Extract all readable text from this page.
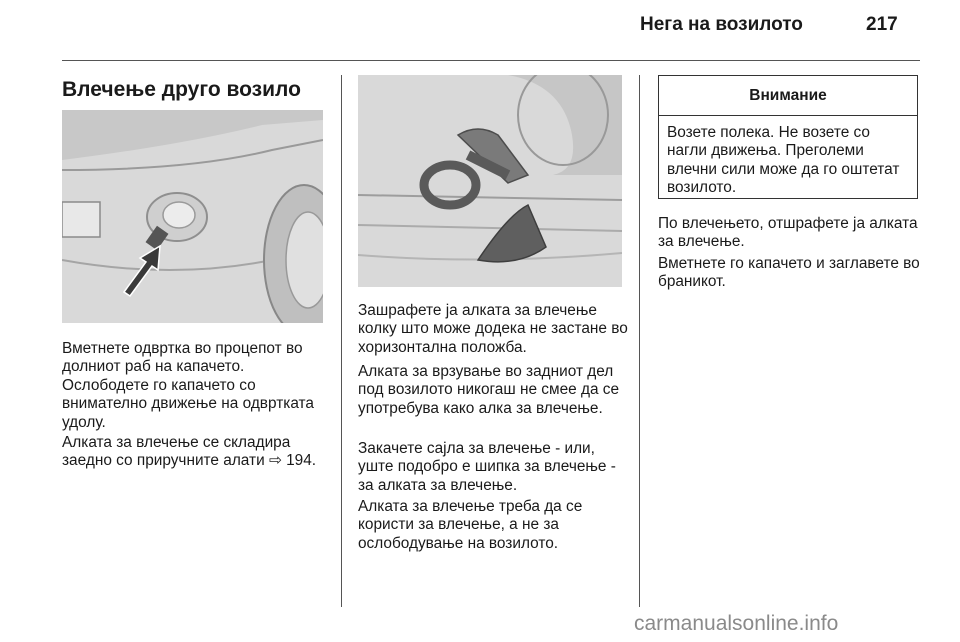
Нега на возилото	217
Влечење друго возило

Вметнете одвртка во процепот во долниот раб на капачето. Ослободете го капачето со внимателно движење на одвртката удолу.

Алката за влечење се складира заедно со приручните алати ⇨ 194.

Зашрафете ја алката за влечење колку што може додека не застане во хоризонтална положба.

Алката за врзување во задниот дел под возилото никогаш не смее да се употребува како алка за влечење.

Закачете сајла за влечење - или, уште подобро е шипка за влечење - за алката за влечење.

Алката за влечење треба да се користи за влечење, а не за ослободување на возилото.

Внимание
Возете полека. Не возете со нагли движења. Преголеми влечни сили може да го оштетат возилото.

По влечењето, отшрафете ја алката за влечење.

Вметнете го капачето и заглавете во браникот.

carmanualsonline.info
